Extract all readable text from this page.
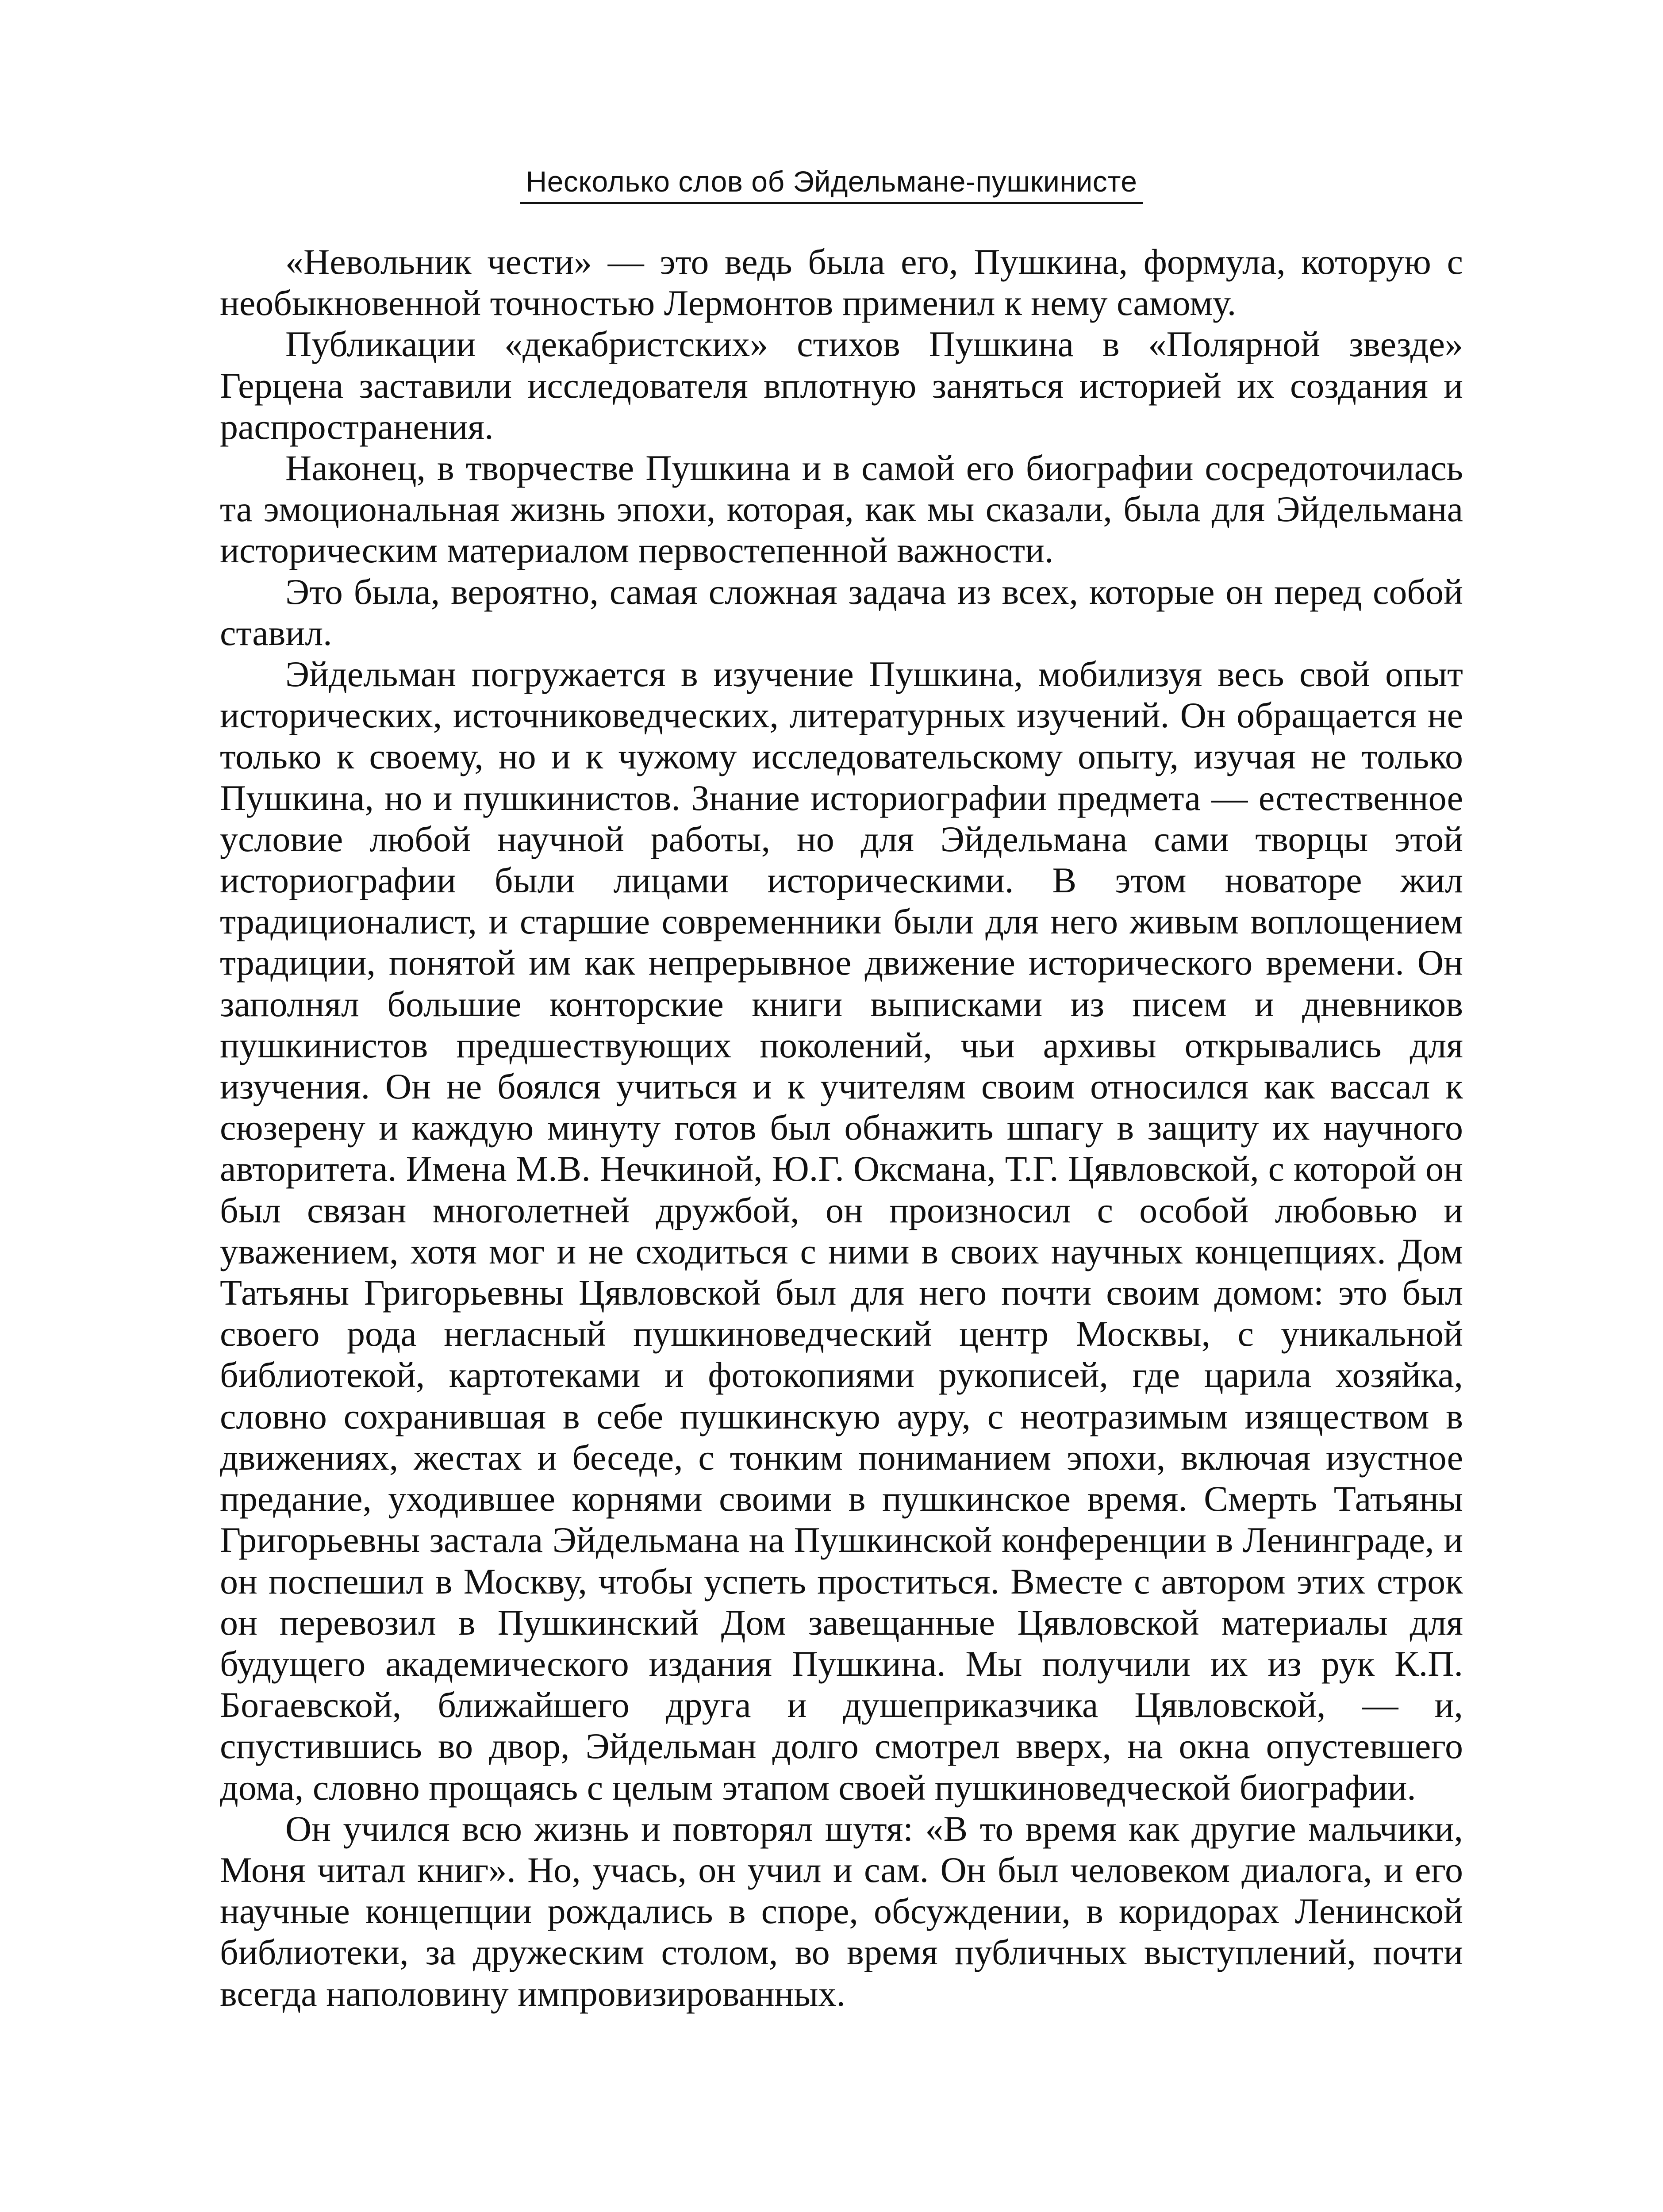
Несколько слов об Эйдельмане-пушкинисте

«Невольник чести» — это ведь была его, Пушкина, формула, которую с необыкновенной точностью Лермонтов применил к нему самому.

Публикации «декабристских» стихов Пушкина в «Полярной звезде» Герцена заставили исследователя вплотную заняться историей их создания и распространения.

Наконец, в творчестве Пушкина и в самой его биографии сосредоточилась та эмоциональная жизнь эпохи, которая, как мы сказали, была для Эйдельмана историческим материалом первостепенной важности.

Это была, вероятно, самая сложная задача из всех, которые он перед собой ставил.

Эйдельман погружается в изучение Пушкина, мобилизуя весь свой опыт исторических, источниковедческих, литературных изучений. Он обращается не только к своему, но и к чужому исследовательскому опыту, изучая не только Пушкина, но и пушкинистов. Знание историографии предмета — естественное условие любой научной работы, но для Эйдельмана сами творцы этой историографии были лицами историческими. В этом новаторе жил традиционалист, и старшие современники были для него живым воплощением традиции, понятой им как непрерывное движение исторического времени. Он заполнял большие конторские книги выписками из писем и дневников пушкинистов предшествующих поколений, чьи архивы открывались для изучения. Он не боялся учиться и к учителям своим относился как вассал к сюзерену и каждую минуту готов был обнажить шпагу в защиту их научного авторитета. Имена М.В. Нечкиной, Ю.Г. Оксмана, Т.Г. Цявловской, с которой он был связан многолетней дружбой, он произносил с особой любовью и уважением, хотя мог и не сходиться с ними в своих научных концепциях. Дом Татьяны Григорьевны Цявловской был для него почти своим домом: это был своего рода негласный пушкиноведческий центр Москвы, с уникальной библиотекой, картотеками и фотокопиями рукописей, где царила хозяйка, словно сохранившая в себе пушкинскую ауру, с неотразимым изяществом в движениях, жестах и беседе, с тонким пониманием эпохи, включая изустное предание, уходившее корнями своими в пушкинское время. Смерть Татьяны Григорьевны застала Эйдельмана на Пушкинской конференции в Ленинграде, и он поспешил в Москву, чтобы успеть проститься. Вместе с автором этих строк он перевозил в Пушкинский Дом завещанные Цявловской материалы для будущего академического издания Пушкина. Мы получили их из рук К.П. Богаевской, ближайшего друга и душеприказчика Цявловской, — и, спустившись во двор, Эйдельман долго смотрел вверх, на окна опустевшего дома, словно прощаясь с целым этапом своей пушкиноведческой биографии.

Он учился всю жизнь и повторял шутя: «В то время как другие мальчики, Моня читал книг». Но, учась, он учил и сам. Он был человеком диалога, и его научные концепции рождались в споре, обсуждении, в коридорах Ленинской библиотеки, за дружеским столом, во время публичных выступлений, почти всегда наполовину импровизированных.
